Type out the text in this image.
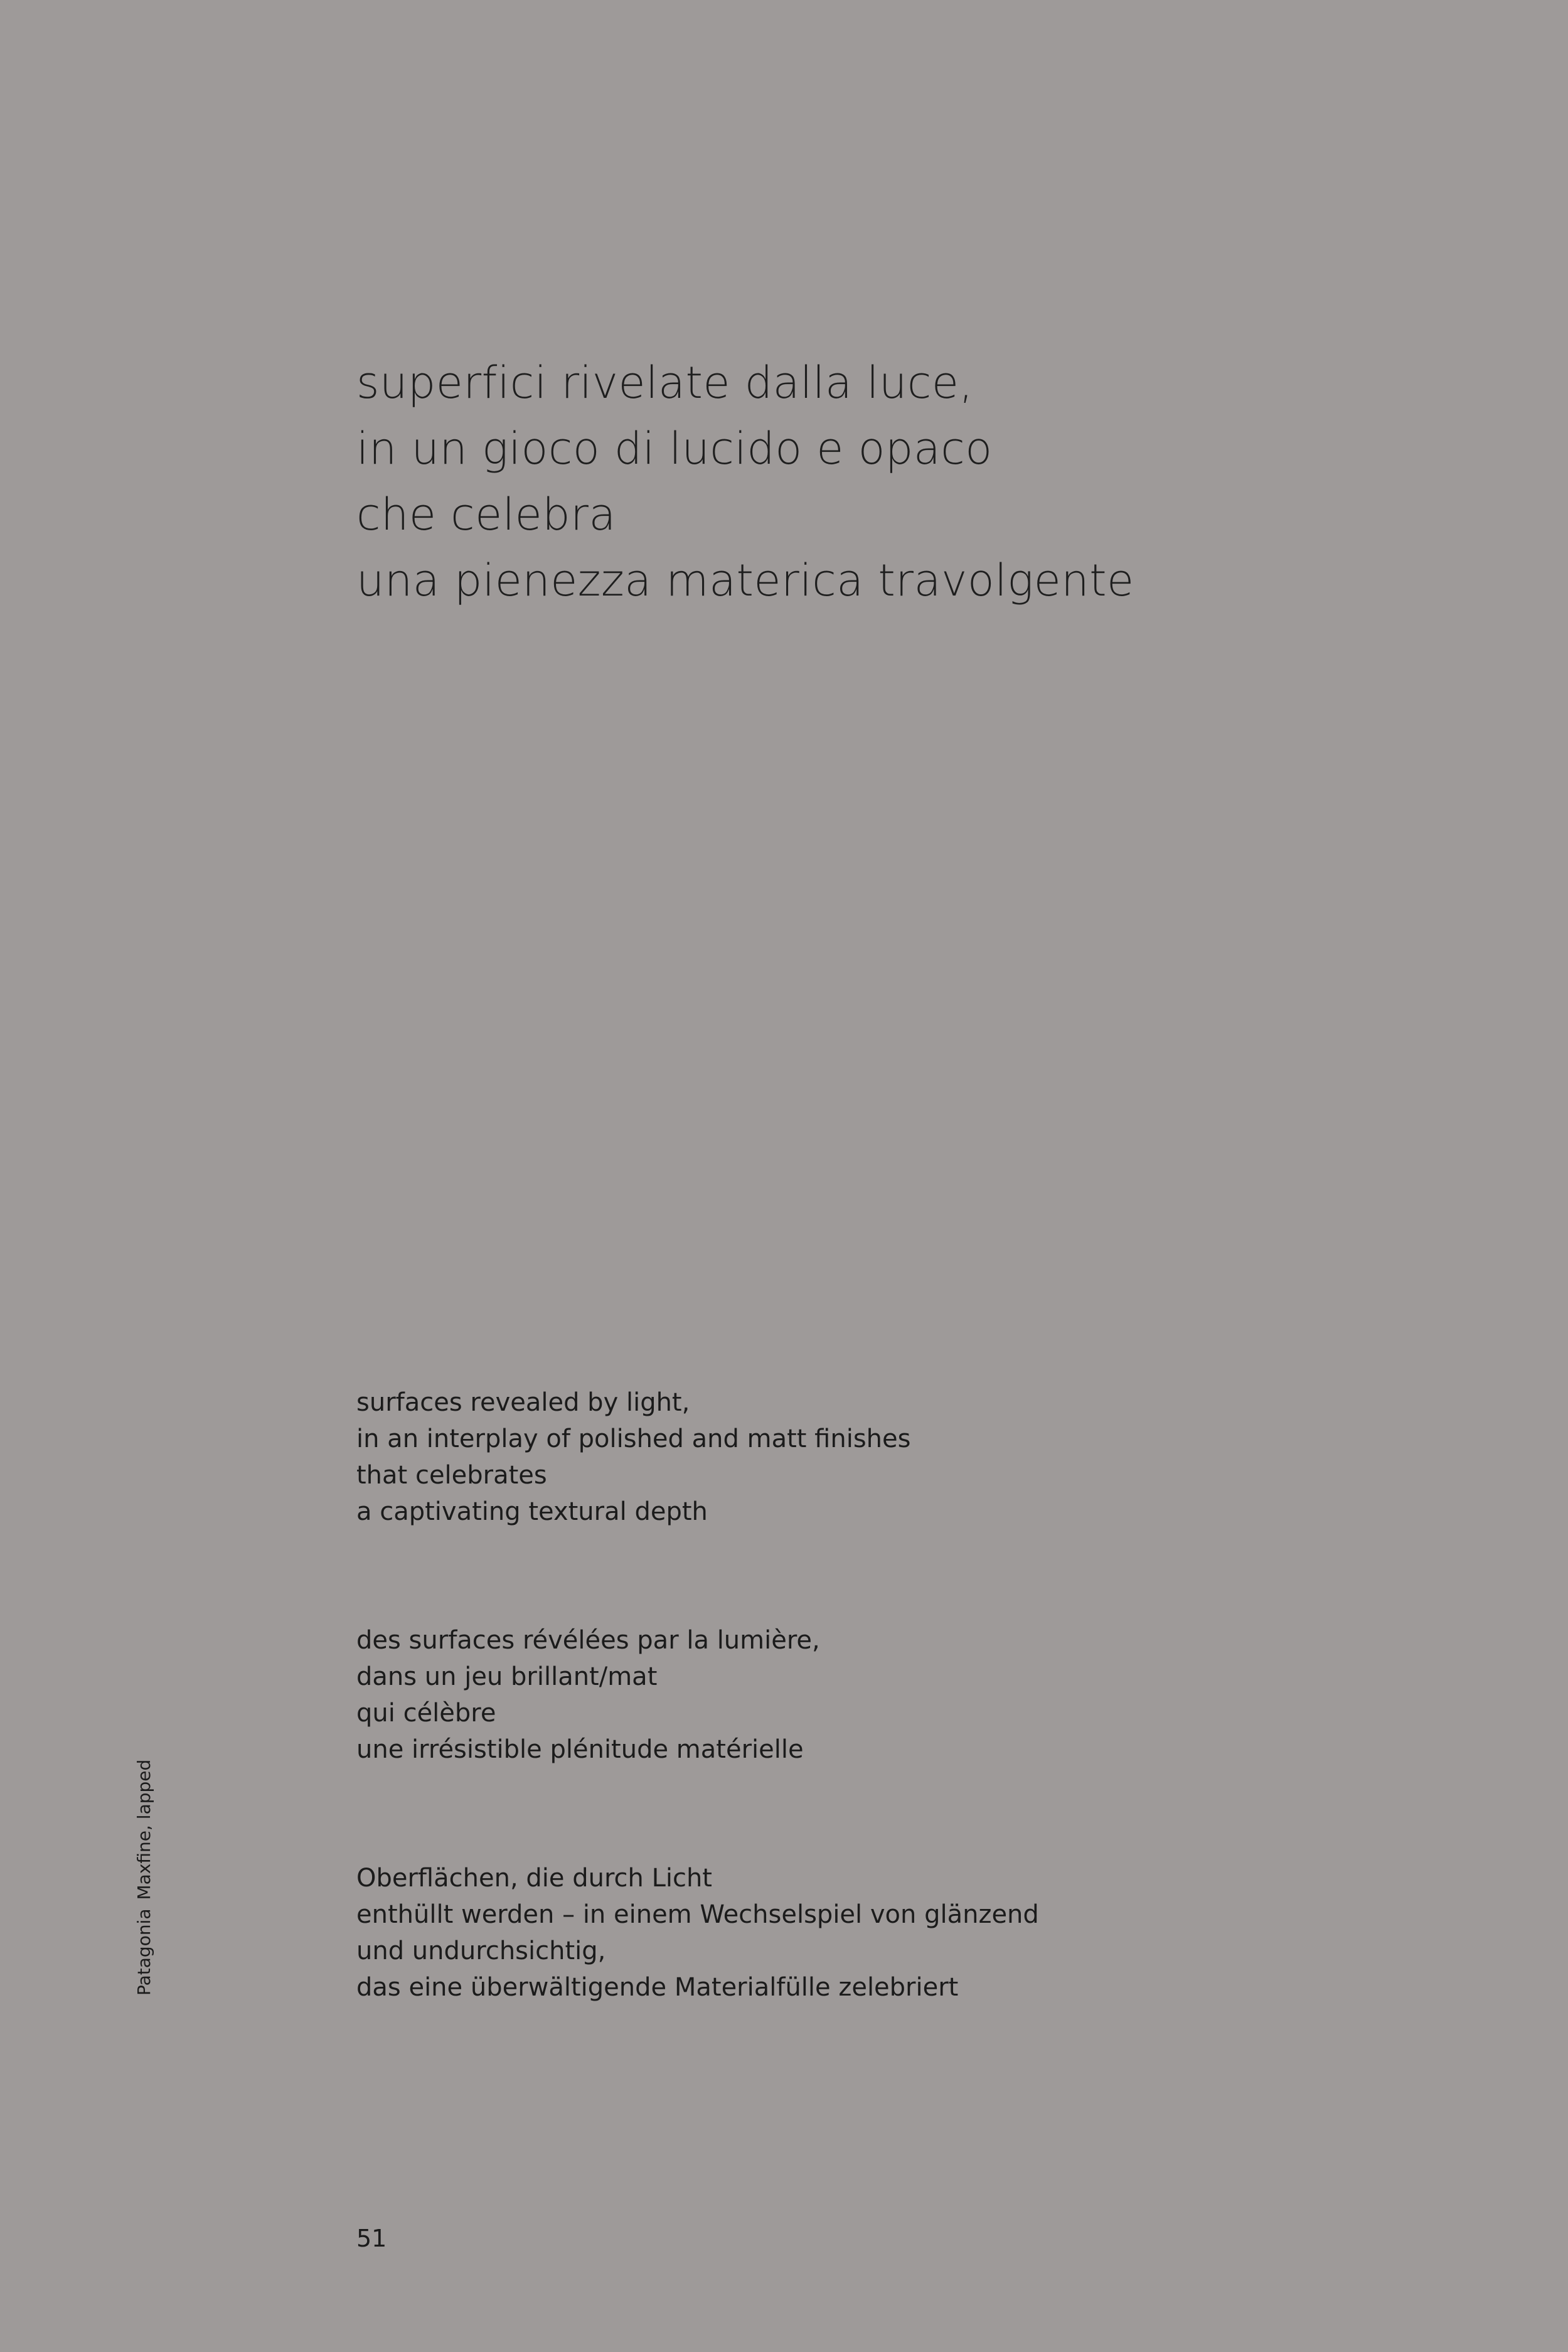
superfici rivelate dalla luce,
in un gioco di lucido e opaco
che celebra
una pienezza materica travolgente
surfaces revealed by light,
in an interplay of polished and matt finishes
that celebrates
a captivating textural depth
des surfaces révélées par la lumière,
dans un jeu brillant/mat
qui célèbre
une irrésistible plénitude matérielle
Oberflächen, die durch Licht
enthüllt werden – in einem Wechselspiel von glänzend
und undurchsichtig,
das eine überwältigende Materialfülle zelebriert
PatagoniaMaxfine, lapped
51
